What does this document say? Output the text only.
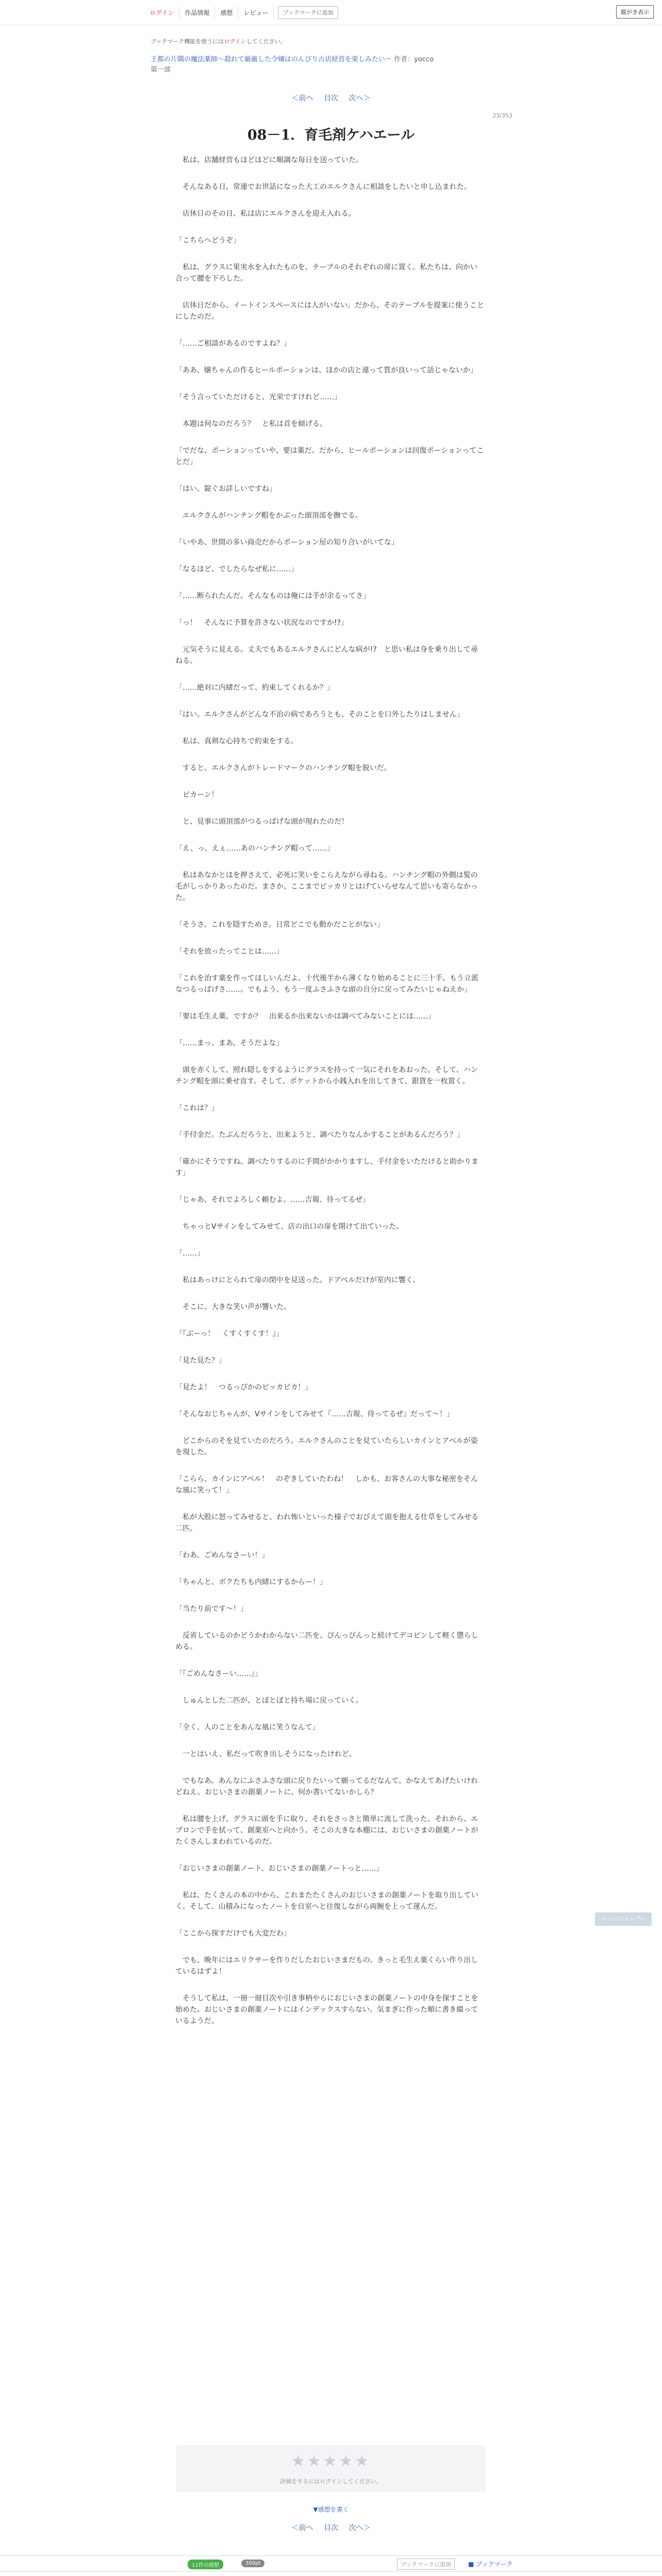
ログイン	作品情報	感想	レビュー	ブックマークに追加	縦がき表示
ブックマーク機能を使うにはログインしてください。
王都の片隅の魔法薬師～殺れて厳厳した令嬢はのんびり古店経営を楽しみたい～ 作者：yocco
第一部
＜前へ 目次 次へ＞
23/353
08－1．育毛剤ケハエール

　私は、店舗経営もほどほどに順調な毎日を送っていた。

　そんなある日、常連でお世話になった大工のエルクさんに相談をしたいと申し込まれた。

　店休日のその日、私は店にエルクさんを迎え入れる。

「こちらへどうぞ」

　私は、グラスに果実水を入れたものを、テーブルのそれぞれの席に置く。私たちは、向かい合って腰を下ろした。

　店休日だから、イートインスペースには人がいない。だから、そのテーブルを提案に使うことにしたのだ。

「……ご相談があるのですよね？」

「ああ、嬢ちゃんの作るヒールポーションは、ほかの店と違って質が良いって話じゃないか」

「そう言っていただけると、光栄ですけれど……」

　本題は何なのだろう？　と私は首を傾げる。

「でだな、ポーションっていや、要は薬だ。だから、ヒールポーションは回復ポーションってことだ」

「はい、錠ぐお詳しいですね」

　エルクさんがハンチング帽をかぶった頭頂部を撫でる。

「いやあ、世間の多い商売だからポーション屋の知り合いがいてな」

「なるほど、でしたらなぜ私に……」

「……断られたんだ。そんなものは俺には手が余るってさ」

「っ！　そんなに予算を許さない状況なのですか!?」

　元気そうに見える。丈夫でもあるエルクさんにどんな病が!?　と思い私は身を乗り出して尋ねる。

「……絶対に内緒だって、約束してくれるか？」

「はい。エルクさんがどんな不治の病であろうとも、そのことを口外したりはしません」

　私は、真剣な心持ちで約束をする。

　すると、エルクさんがトレードマークのハンチング帽を脱いだ。

　ピカーン！

　と、見事に頭頂部がつるっぱげな頭が現れたのだ！

「え、っ、えぇ……あのハンチング帽って……」

　私はあなかとほを押さえて、必死に笑いをこらえながら尋ねる。ハンチング帽の外側は髪の毛がしっかりあったのだ。まさか、ここまでピッカリとはげていらせなんて思いも寄らなかった。

「そうさ。これを隠すためさ。日常どこでも動かだことがない」

「それを放ったってことは……」

「これを治す薬を作ってほしいんだよ。十代後半から薄くなり始めることに三十手。もう立派なつるっぱげさ……。でもよう、もう一度ふさふさな頭の自分に戻ってみたいじゃねえか」

「要は毛生え薬、ですか？　出来るか出来ないかは調べてみないことには……」

「……まっ、まあ、そうだよな」

　頭を赤くして、照れ隠しをするようにグラスを持って一気にそれをあおった。そして、ハンチング帽を頭に乗せ直す。そして、ポケットから小銭入れを出してきて、銀貨を一枚置く。

「これは？」

「手付金だ。たぶんだろうと、出来ようと、調べたりなんかすることがあるんだろう？」

「確かにそうですね。調べたりするのに手間がかかりますし、手付金をいただけると助かります」

「じゃあ、それでよろしく頼むよ。……吉報、待ってるぜ」

　ちゃっとVサインをしてみせて、店の出口の扉を開けて出ていった。

「……」

　私はあっけにとられて扉の閉中を見送った。ドアベルだけが室内に響く。

　そこに、大きな笑い声が響いた。

「『ぶーっ！　くすくすくす！』」

「見た見た？」

「見たよ！　つるっぴかのピッカピカ！」

「そんなおじちゃんが、Vサインをしてみせて『……吉報、待ってるぜ』だって～！」

　どこからのそを見ていたのだろう。エルクさんのことを見ていたらしいカインとアベルが姿を現した。

「こらら、カインにアベル！　のぞきしていたわね！　しかも、お客さんの大事な秘密をそんな風に笑って！」

　私が大股に怒ってみせると、われ怖いといった様子でおびえて頭を抱える仕草をしてみせる二匹。

「わあ、ごめんなさーい！」

「ちゃんと、ボクたちも内緒にするからー！」

「当たり前です～！」

　反省しているのかどうかわからない二匹を、ぴんっぴんっと続けてデコピンして軽く懲らしめる。

「『ごめんなさーい……』」

　しゅんとした二匹が、とぼとぼと持ち場に戻っていく。

「全く、人のことをあんな風に笑うなんて」

　一とはいえ、私だって吹き出しそうになったけれど。

　でもなあ。あんなにふさふさな頭に戻りたいって願ってるだなんて。かなえてあげたいけれどねえ。おじいさまの創薬ノートに、何か書いてないかしら？

　私は腰を上げ、グラスに頭を手に取り、それをさっさと簡単に流して洗った。それから、エプロンで手を拭って、創薬室へと向かう。そこの大きな本棚には、おじいさまの創薬ノートがたくさんしまわれているのだ。

「おじいさまの創薬ノート、おじいさまの創薬ノートっと……」

　私は、たくさんの本の中から、これまたたくさんのおじいさまの創薬ノートを取り出していく。そして、山積みになったノートを自室へと往復しながら両腕を上って運んだ。

「ここから探すだけでも大変だわ」

　でも、晩年にはエリクサーを作りだしたおじいさまだもの。きっと毛生え薬くらい作り出しているはずよ！

　そうして私は、一冊一冊目次や引き事柄やらにおじいさまの創薬ノートの中身を探すことを始めた。おじいさまの創薬ノートにはインデックスすらない。気まぎに作った順に書き綴っているようだ。

ページのトップへ
★★★★★
評価をするにはログインしてください。
▼感想を書く
＜前へ 目次 次へ＞
11件の感想	300pt	ブックマークに追加	■ ブックマーク
